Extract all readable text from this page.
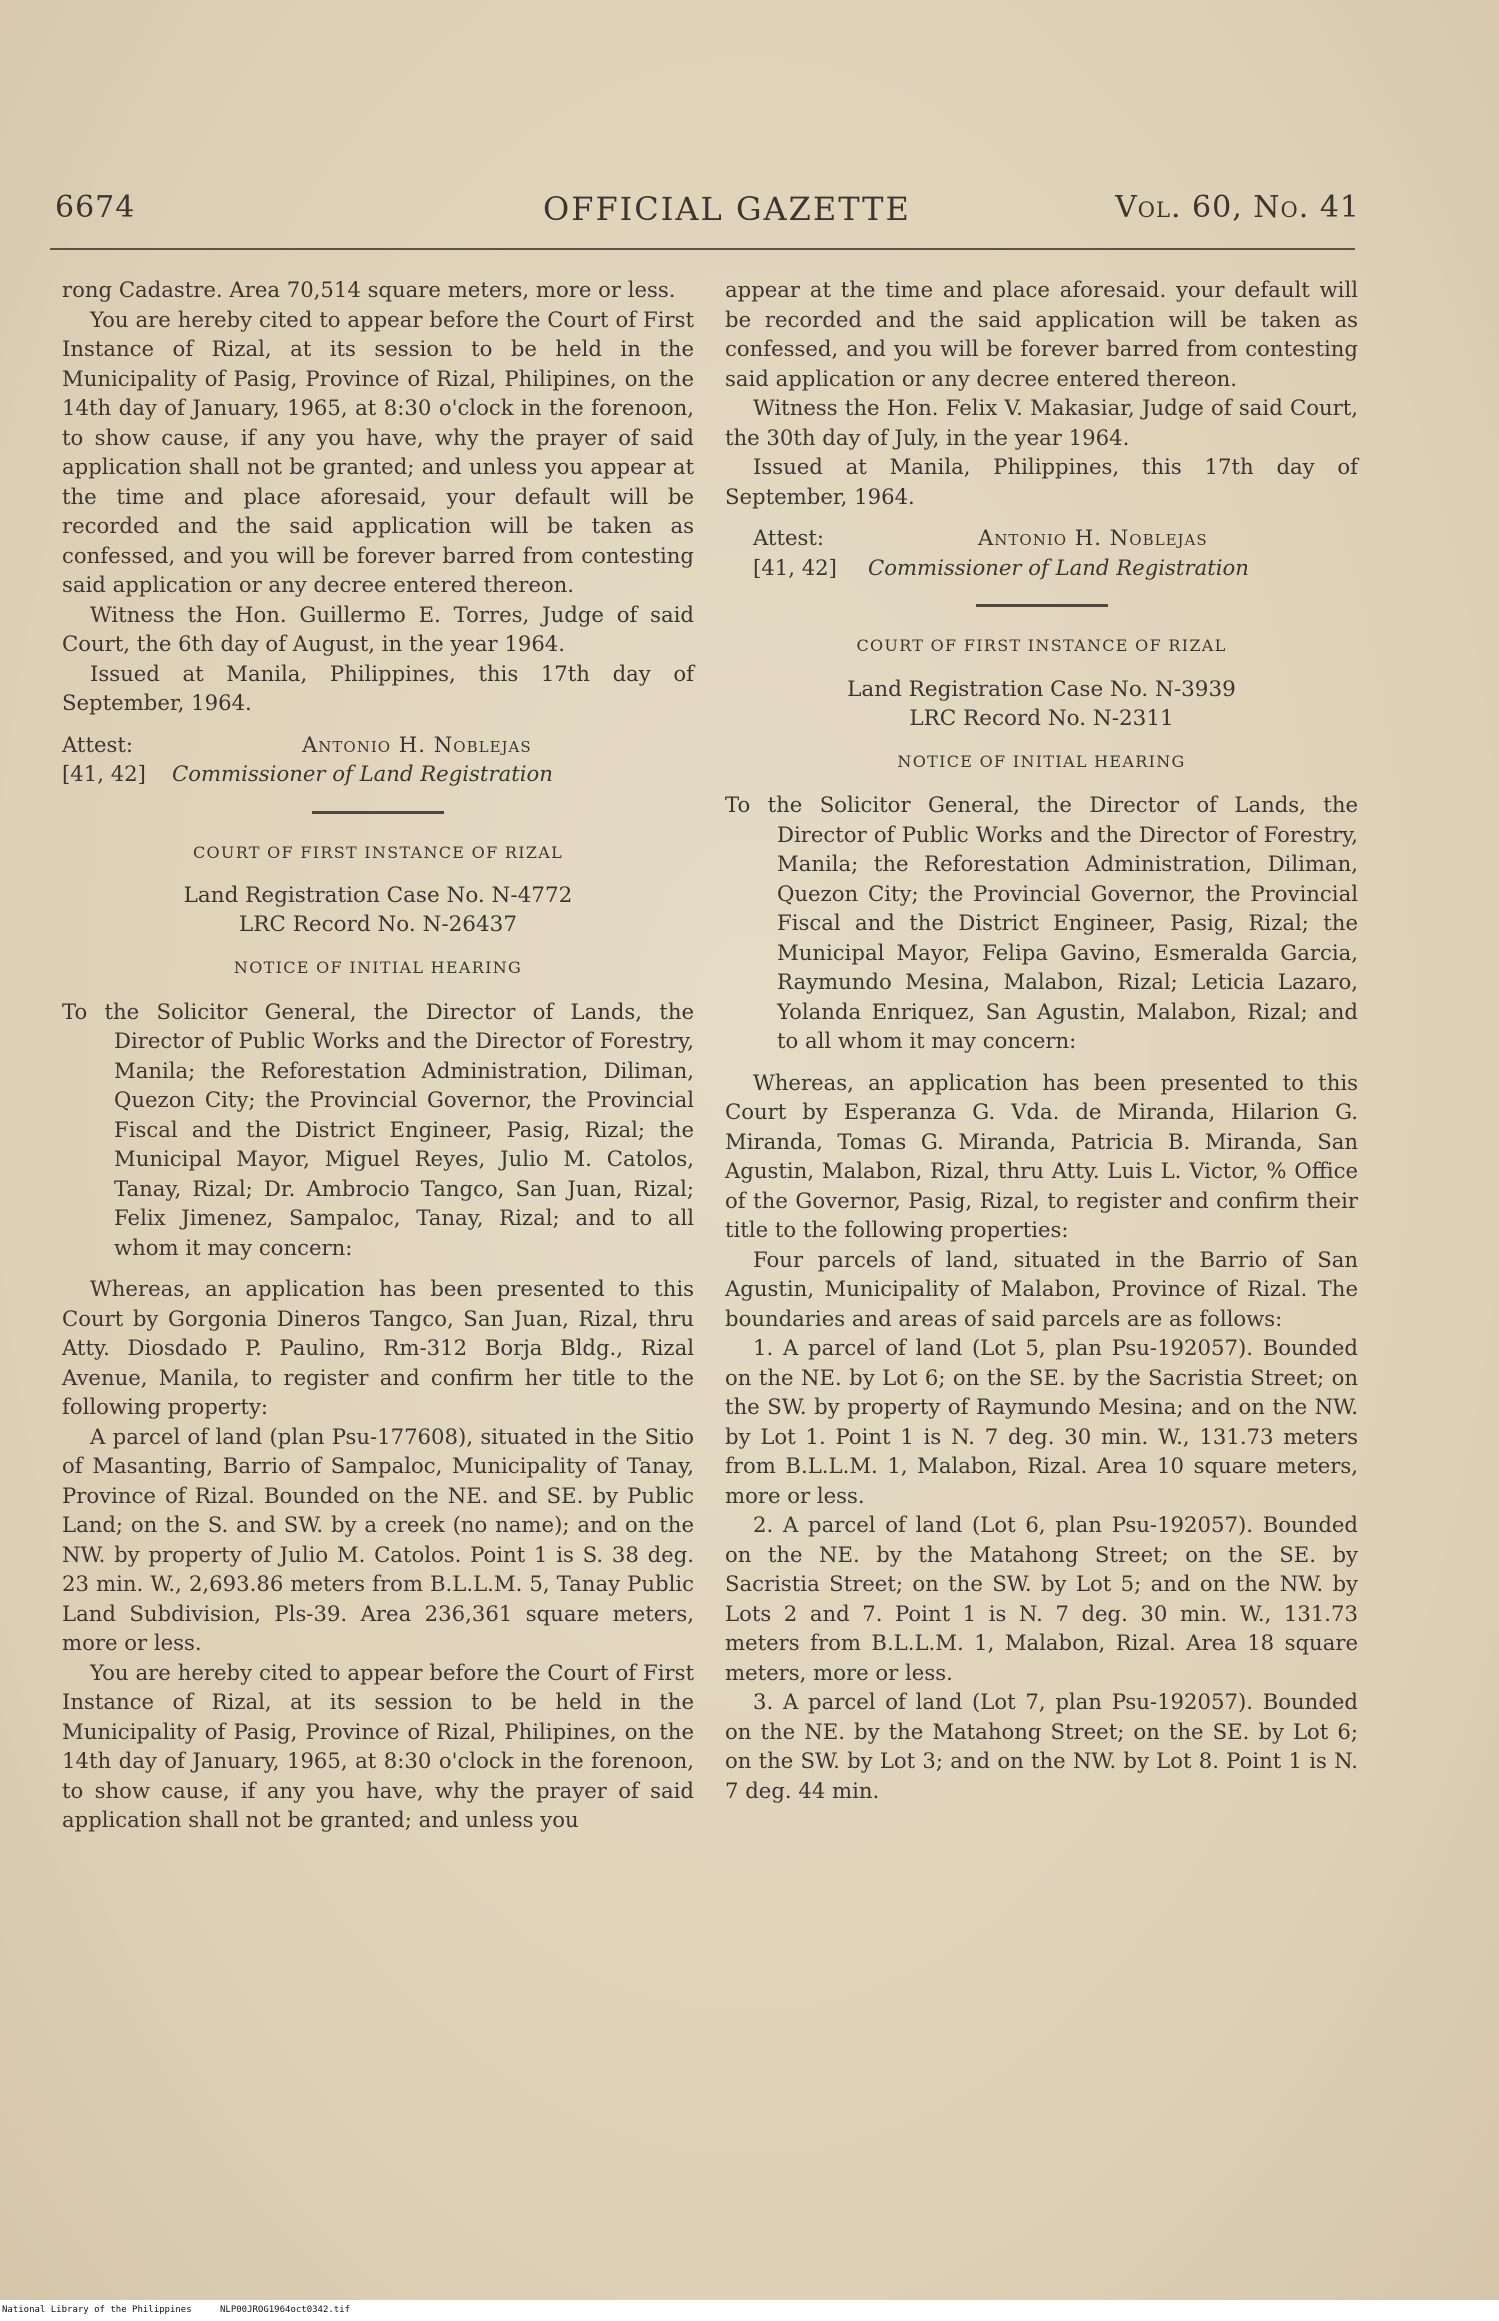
6674	OFFICIAL GAZETTE	Vol. 60, No. 41

rong Cadastre. Area 70,514 square meters, more or less.

You are hereby cited to appear before the Court of First Instance of Rizal, at its session to be held in the Municipality of Pasig, Province of Rizal, Philipines, on the 14th day of January, 1965, at 8:30 o'clock in the forenoon, to show cause, if any you have, why the prayer of said application shall not be granted; and unless you appear at the time and place aforesaid, your default will be recorded and the said application will be taken as confessed, and you will be forever barred from contesting said application or any decree entered thereon.

Witness the Hon. Guillermo E. Torres, Judge of said Court, the 6th day of August, in the year 1964.

Issued at Manila, Philippines, this 17th day of September, 1964.

Attest:	Antonio H. Noblejas
[41, 42]	Commissioner of Land Registration
COURT OF FIRST INSTANCE OF RIZAL

Land Registration Case No. N-4772

LRC Record No. N-26437

NOTICE OF INITIAL HEARING

To the Solicitor General, the Director of Lands, the Director of Public Works and the Director of Forestry, Manila; the Reforestation Administration, Diliman, Quezon City; the Provincial Governor, the Provincial Fiscal and the District Engineer, Pasig, Rizal; the Municipal Mayor, Miguel Reyes, Julio M. Catolos, Tanay, Rizal; Dr. Ambrocio Tangco, San Juan, Rizal; Felix Jimenez, Sampaloc, Tanay, Rizal; and to all whom it may concern:

Whereas, an application has been presented to this Court by Gorgonia Dineros Tangco, San Juan, Rizal, thru Atty. Diosdado P. Paulino, Rm-312 Borja Bldg., Rizal Avenue, Manila, to register and confirm her title to the following property:

A parcel of land (plan Psu-177608), situated in the Sitio of Masanting, Barrio of Sampaloc, Municipality of Tanay, Province of Rizal. Bounded on the NE. and SE. by Public Land; on the S. and SW. by a creek (no name); and on the NW. by property of Julio M. Catolos. Point 1 is S. 38 deg. 23 min. W., 2,693.86 meters from B.L.L.M. 5, Tanay Public Land Subdivision, Pls-39. Area 236,361 square meters, more or less.

You are hereby cited to appear before the Court of First Instance of Rizal, at its session to be held in the Municipality of Pasig, Province of Rizal, Philipines, on the 14th day of January, 1965, at 8:30 o'clock in the forenoon, to show cause, if any you have, why the prayer of said application shall not be granted; and unless you

appear at the time and place aforesaid. your default will be recorded and the said application will be taken as confessed, and you will be forever barred from contesting said application or any decree entered thereon.

Witness the Hon. Felix V. Makasiar, Judge of said Court, the 30th day of July, in the year 1964.

Issued at Manila, Philippines, this 17th day of September, 1964.

Attest:	Antonio H. Noblejas
[41, 42]	Commissioner of Land Registration
COURT OF FIRST INSTANCE OF RIZAL

Land Registration Case No. N-3939

LRC Record No. N-2311

NOTICE OF INITIAL HEARING

To the Solicitor General, the Director of Lands, the Director of Public Works and the Director of Forestry, Manila; the Reforestation Administration, Diliman, Quezon City; the Provincial Governor, the Provincial Fiscal and the District Engineer, Pasig, Rizal; the Municipal Mayor, Felipa Gavino, Esmeralda Garcia, Raymundo Mesina, Malabon, Rizal; Leticia Lazaro, Yolanda Enriquez, San Agustin, Malabon, Rizal; and to all whom it may concern:

Whereas, an application has been presented to this Court by Esperanza G. Vda. de Miranda, Hilarion G. Miranda, Tomas G. Miranda, Patricia B. Miranda, San Agustin, Malabon, Rizal, thru Atty. Luis L. Victor, % Office of the Governor, Pasig, Rizal, to register and confirm their title to the following properties:

Four parcels of land, situated in the Barrio of San Agustin, Municipality of Malabon, Province of Rizal. The boundaries and areas of said parcels are as follows:

1. A parcel of land (Lot 5, plan Psu-192057). Bounded on the NE. by Lot 6; on the SE. by the Sacristia Street; on the SW. by property of Raymundo Mesina; and on the NW. by Lot 1. Point 1 is N. 7 deg. 30 min. W., 131.73 meters from B.L.L.M. 1, Malabon, Rizal. Area 10 square meters, more or less.

2. A parcel of land (Lot 6, plan Psu-192057). Bounded on the NE. by the Matahong Street; on the SE. by Sacristia Street; on the SW. by Lot 5; and on the NW. by Lots 2 and 7. Point 1 is N. 7 deg. 30 min. W., 131.73 meters from B.L.L.M. 1, Malabon, Rizal. Area 18 square meters, more or less.

3. A parcel of land (Lot 7, plan Psu-192057). Bounded on the NE. by the Matahong Street; on the SE. by Lot 6; on the SW. by Lot 3; and on the NW. by Lot 8. Point 1 is N. 7 deg. 44 min.

National Library of the Philippines	NLP00JROG1964oct0342.tif
